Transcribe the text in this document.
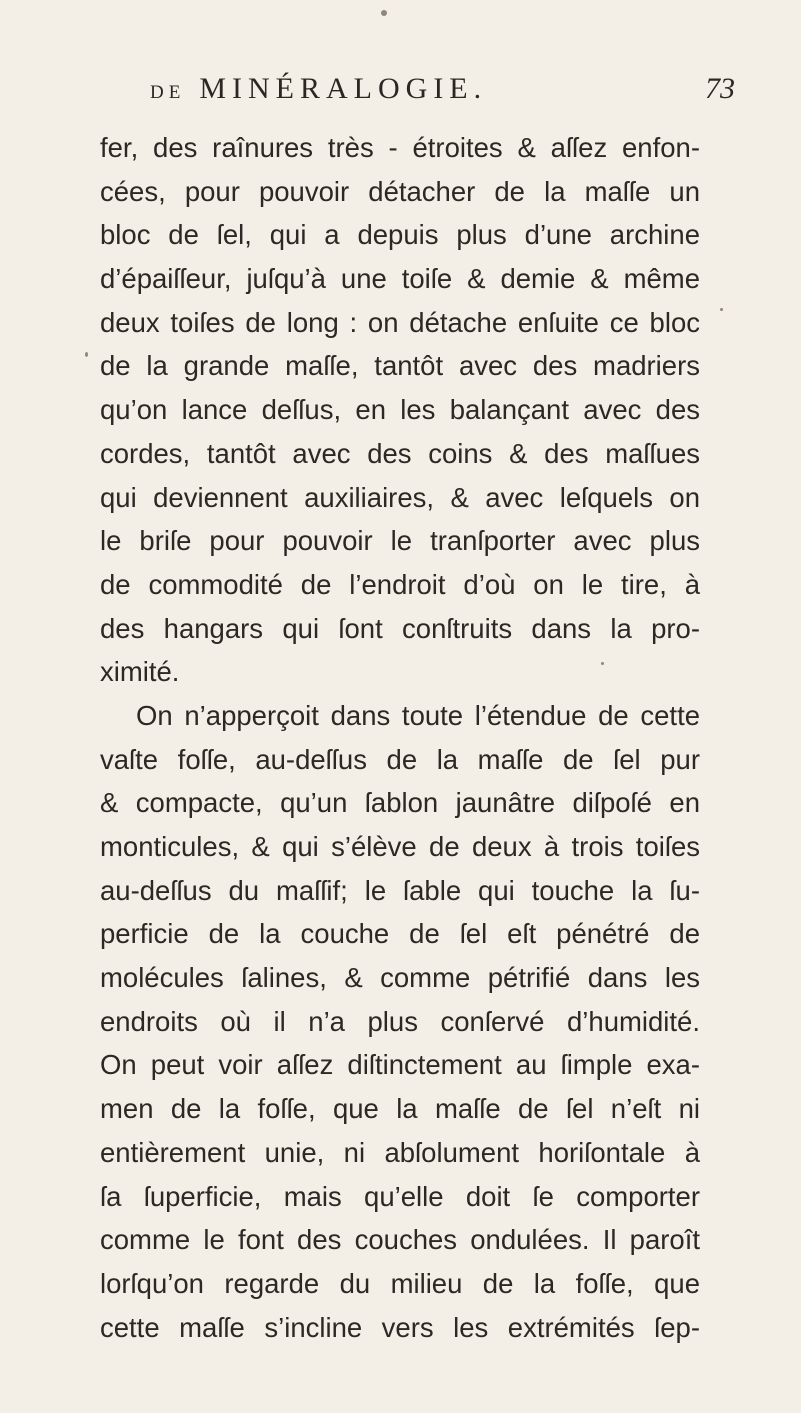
DE MINÉRALOGIE.	73
fer, des raînures très - étroites & aſſez enfon-
cées, pour pouvoir détacher de la maſſe un
bloc de ſel, qui a depuis plus d’une archine
d’épaiſſeur, juſqu’à une toiſe & demie & même
deux toiſes de long : on détache enſuite ce bloc
de la grande maſſe, tantôt avec des madriers
qu’on lance deſſus, en les balançant avec des
cordes, tantôt avec des coins & des maſſues
qui deviennent auxiliaires, & avec leſquels on
le briſe pour pouvoir le tranſporter avec plus
de commodité de l’endroit d’où on le tire, à
des hangars qui ſont conſtruits dans la pro-
ximité.
On n’apperçoit dans toute l’étendue de cette
vaſte foſſe, au-deſſus de la maſſe de ſel pur
& compacte, qu’un ſablon jaunâtre diſpoſé en
monticules, & qui s’élève de deux à trois toiſes
au-deſſus du maſſif; le ſable qui touche la ſu-
perficie de la couche de ſel eſt pénétré de
molécules ſalines, & comme pétrifié dans les
endroits où il n’a plus conſervé d’humidité.
On peut voir aſſez diſtinctement au ſimple exa-
men de la foſſe, que la maſſe de ſel n’eſt ni
entièrement unie, ni abſolument horiſontale à
ſa ſuperficie, mais qu’elle doit ſe comporter
comme le font des couches ondulées. Il paroît
lorſqu’on regarde du milieu de la foſſe, que
cette maſſe s’incline vers les extrémités ſep-
